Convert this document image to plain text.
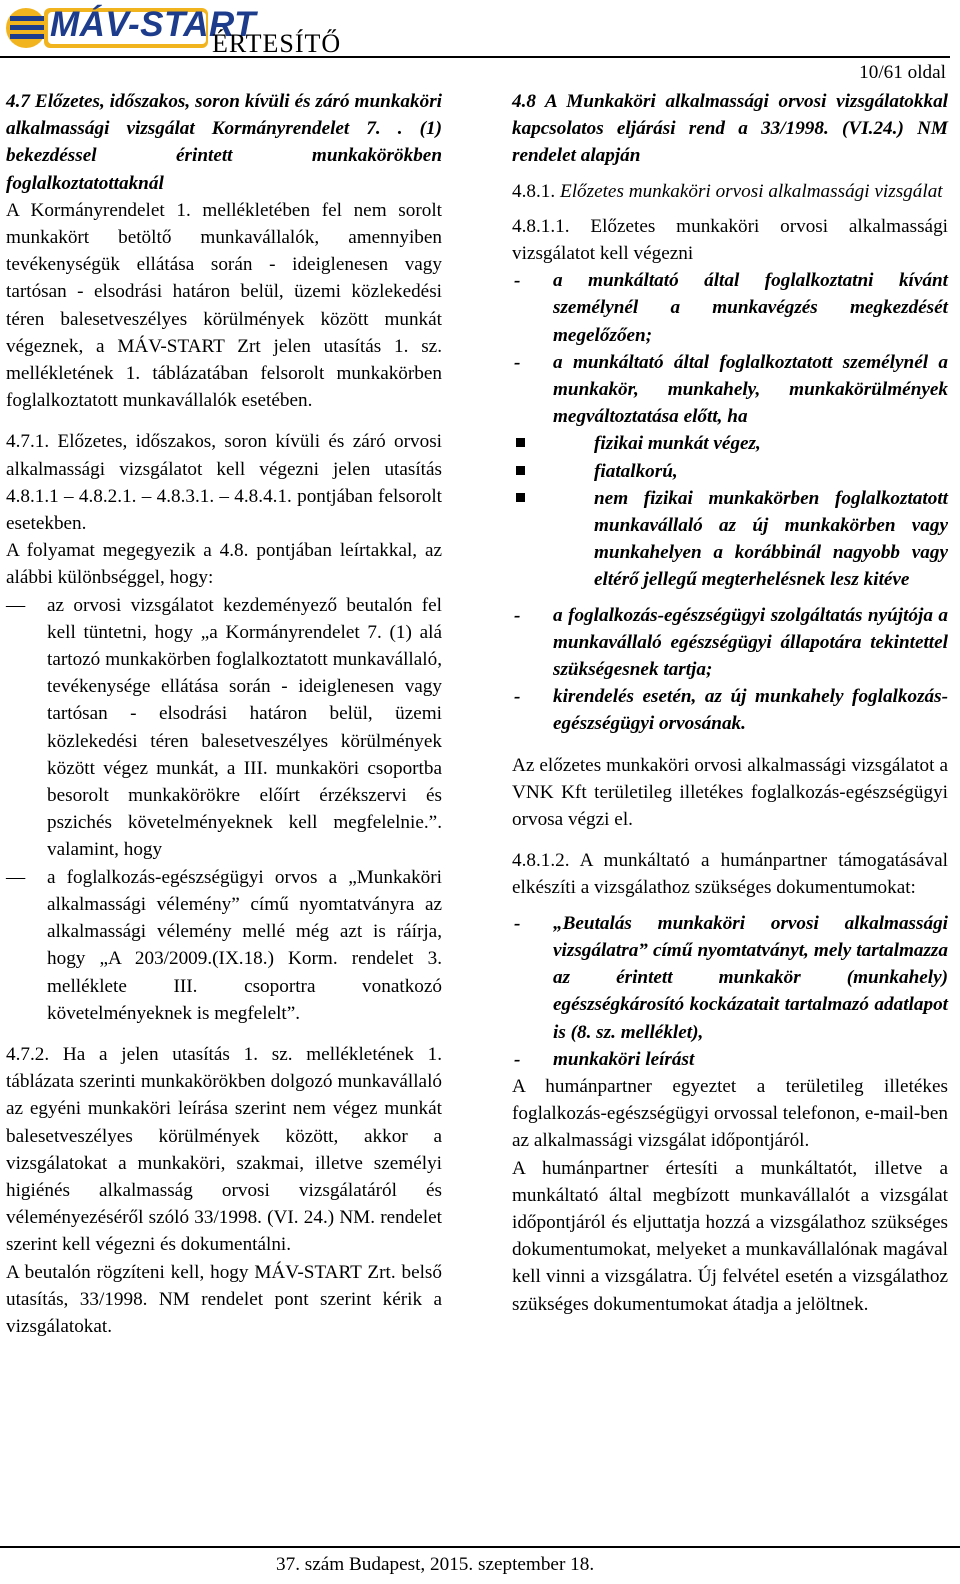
MÁV-START
ÉRTESÍTŐ
10/61 oldal

4.7 Előzetes, időszakos, soron kívüli és záró munkaköri alkalmassági vizsgálat Kormányrendelet 7. . (1) bekezdéssel érintett munkakörökben foglalkoztatottaknál

A Kormányrendelet 1. mellékletében fel nem sorolt munkakört betöltő munkavállalók, amennyiben tevékenységük ellátása során - ideiglenesen vagy tartósan - elsodrási határon belül, üzemi közlekedési téren balesetveszélyes körülmények között munkát végeznek, a MÁV-START Zrt jelen utasítás 1. sz. mellékletének 1. táblázatában felsorolt munkakörben foglalkoztatott munkavállalók esetében.

4.7.1. Előzetes, időszakos, soron kívüli és záró orvosi alkalmassági vizsgálatot kell végezni jelen utasítás 4.8.1.1 – 4.8.2.1. – 4.8.3.1. – 4.8.4.1. pontjában felsorolt esetekben.

A folyamat megegyezik a 4.8. pontjában leírtakkal, az alábbi különbséggel, hogy:

— az orvosi vizsgálatot kezdeményező beutalón fel kell tüntetni, hogy „a Kormányrendelet 7. (1) alá tartozó munkakörben foglalkoztatott munkavállaló, tevékenysége ellátása során - ideiglenesen vagy tartósan - elsodrási határon belül, üzemi közlekedési téren balesetveszélyes körülmények között végez munkát, a III. munkaköri csoportba besorolt munkakörökre előírt érzékszervi és pszichés követelményeknek kell megfelelnie.”. valamint, hogy
— a foglalkozás-egészségügyi orvos a „Munkaköri alkalmassági vélemény” című nyomtatványra az alkalmassági vélemény mellé még azt is ráírja, hogy „A 203/2009.(IX.18.) Korm. rendelet 3. melléklete III. csoportra vonatkozó követelményeknek is megfelelt”.

4.7.2. Ha a jelen utasítás 1. sz. mellékletének 1. táblázata szerinti munkakörökben dolgozó munkavállaló az egyéni munkaköri leírása szerint nem végez munkát balesetveszélyes körülmények között, akkor a vizsgálatokat a munkaköri, szakmai, illetve személyi higiénés alkalmasság orvosi vizsgálatáról és véleményezéséről szóló 33/1998. (VI. 24.) NM. rendelet szerint kell végezni és dokumentálni.

A beutalón rögzíteni kell, hogy MÁV-START Zrt. belső utasítás, 33/1998. NM rendelet pont szerint kérik a vizsgálatokat.

4.8 A Munkaköri alkalmassági orvosi vizsgálatokkal kapcsolatos eljárási rend a 33/1998. (VI.24.) NM rendelet alapján

4.8.1. Előzetes munkaköri orvosi alkalmassági vizsgálat

4.8.1.1. Előzetes munkaköri orvosi alkalmassági vizsgálatot kell végezni

- a munkáltató által foglalkoztatni kívánt személynél a munkavégzés megkezdését megelőzően;
- a munkáltató által foglalkoztatott személynél a munkakör, munkahely, munkakörülmények megváltoztatása előtt, ha
fizikai munkát végez,
fiatalkorú,
nem fizikai munkakörben foglalkoztatott munkavállaló az új munkakörben vagy munkahelyen a korábbinál nagyobb vagy eltérő jellegű megterhelésnek lesz kitéve
- a foglalkozás-egészségügyi szolgáltatás nyújtója a munkavállaló egészségügyi állapotára tekintettel szükségesnek tartja;
- kirendelés esetén, az új munkahely foglalkozás-egészségügyi orvosának.

Az előzetes munkaköri orvosi alkalmassági vizsgálatot a VNK Kft területileg illetékes foglalkozás-egészségügyi orvosa végzi el.

4.8.1.2. A munkáltató a humánpartner támogatásával elkészíti a vizsgálathoz szükséges dokumentumokat:

- „Beutalás munkaköri orvosi alkalmassági vizsgálatra” című nyomtatványt, mely tartalmazza az érintett munkakör (munkahely) egészségkárosító kockázatait tartalmazó adatlapot is (8. sz. melléklet),
- munkaköri leírást

A humánpartner egyeztet a területileg illetékes foglalkozás-egészségügyi orvossal telefonon, e-mail-ben az alkalmassági vizsgálat időpontjáról.

A humánpartner értesíti a munkáltatót, illetve a munkáltató által megbízott munkavállalót a vizsgálat időpontjáról és eljuttatja hozzá a vizsgálathoz szükséges dokumentumokat, melyeket a munkavállalónak magával kell vinni a vizsgálatra. Új felvétel esetén a vizsgálathoz szükséges dokumentumokat átadja a jelöltnek.

37. szám Budapest, 2015. szeptember 18.
